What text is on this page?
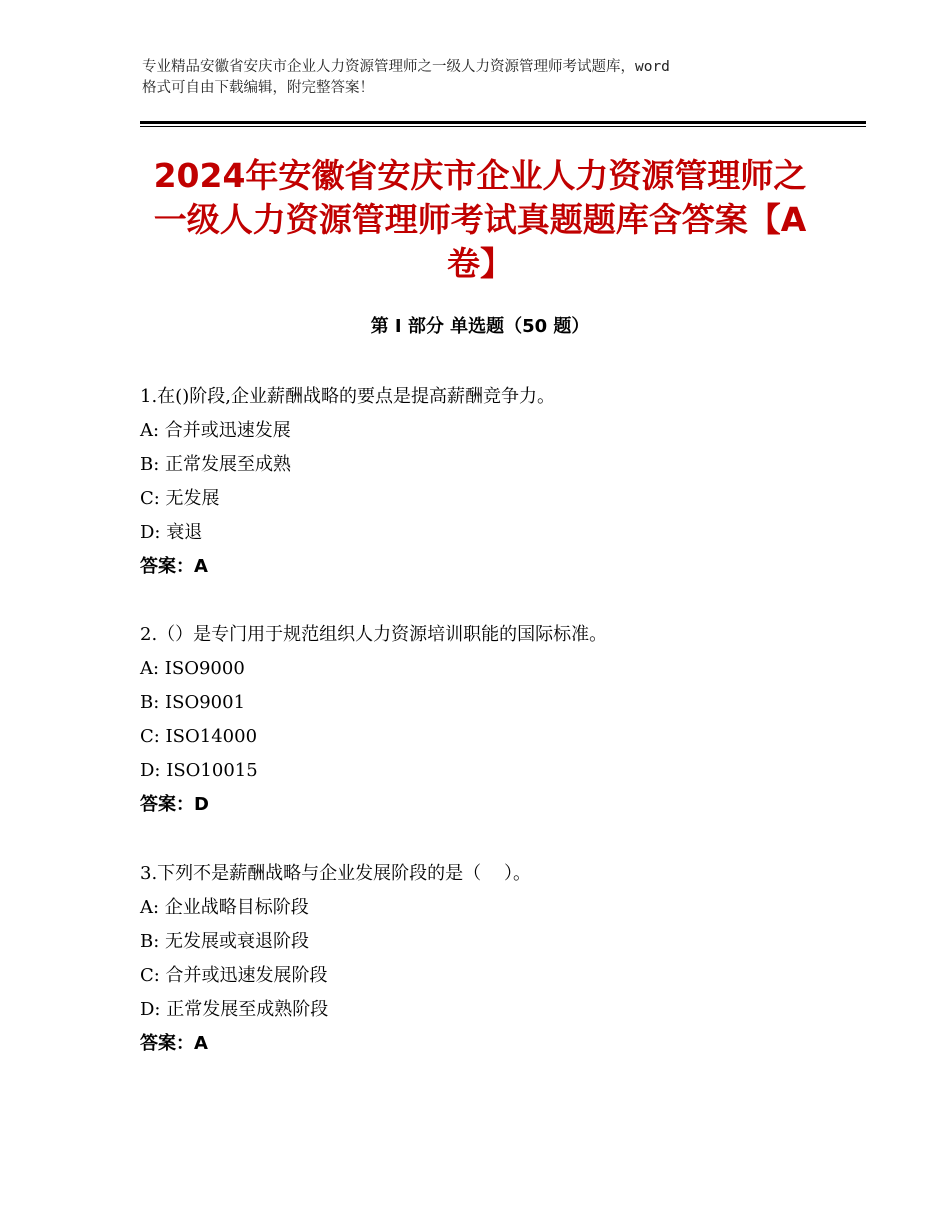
专业精品安徽省安庆市企业人力资源管理师之一级人力资源管理师考试题库，word
格式可自由下载编辑，附完整答案！
2024年安徽省安庆市企业人力资源管理师之
一级人力资源管理师考试真题题库含答案【A
卷】
第 I 部分 单选题（50 题）
1.在()阶段,企业薪酬战略的要点是提高薪酬竞争力。
A: 合并或迅速发展
B: 正常发展至成熟
C: 无发展
D: 衰退
答案：A
2.（）是专门用于规范组织人力资源培训职能的国际标准。
A: ISO9000
B: ISO9001
C: ISO14000
D: ISO10015
答案：D
3.下列不是薪酬战略与企业发展阶段的是（    ）。
A: 企业战略目标阶段
B: 无发展或衰退阶段
C: 合并或迅速发展阶段
D: 正常发展至成熟阶段
答案：A
